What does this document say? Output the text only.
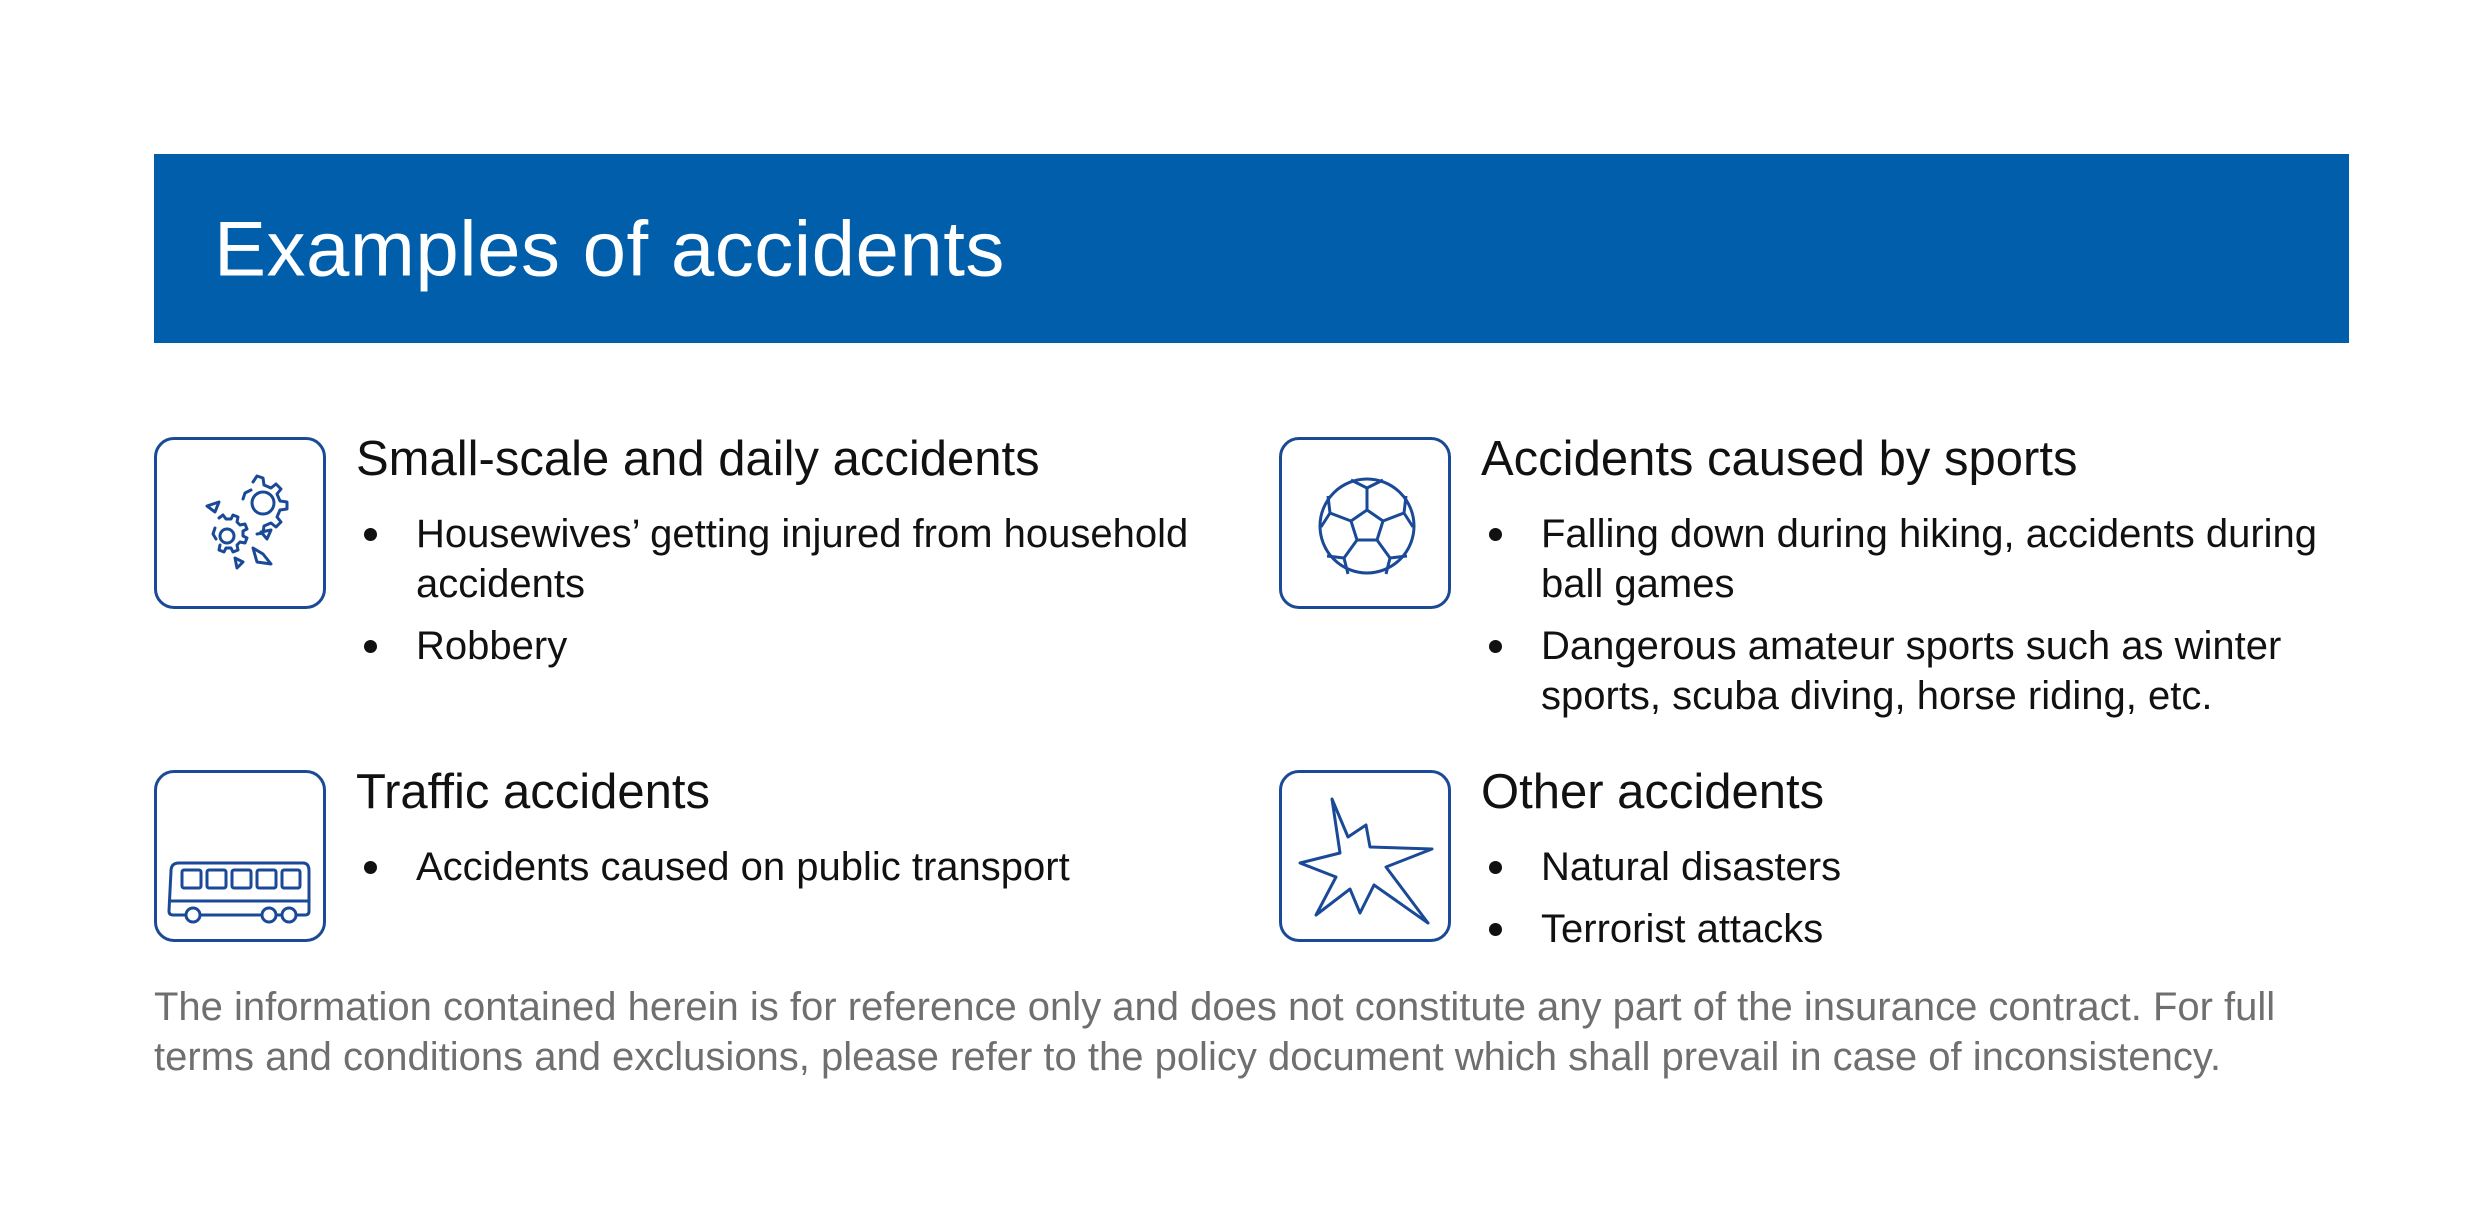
Examples of accidents
Small-scale and daily accidents
Housewives’ getting injured from household accidents
Robbery
Accidents caused by sports
Falling down during hiking, accidents during ball games
Dangerous amateur sports such as winter sports, scuba diving, horse riding, etc.
Traffic accidents
Accidents caused on public transport
Other accidents
Natural disasters
Terrorist attacks
The information contained herein is for reference only and does not constitute any part of the insurance contract. For full terms and conditions and exclusions, please refer to the policy document which shall prevail in case of inconsistency.
